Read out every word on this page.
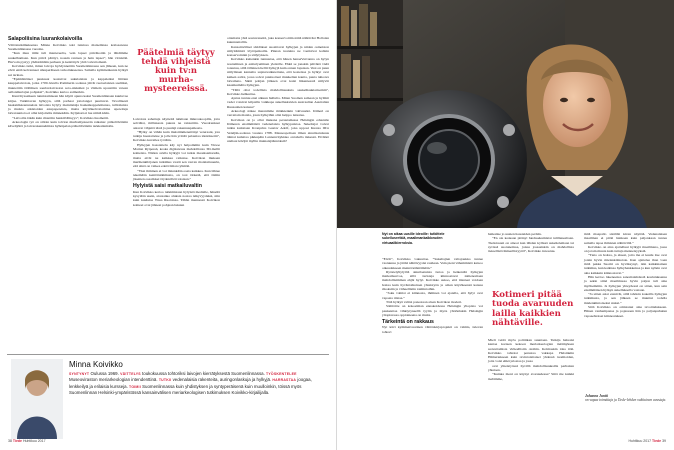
Salapoliisina luurankolaivoilla

Väitöstutkimuksensa Minna Koivikko teki tutuissa maisemissa kotisaaressa Suomenlinnassa vuosina.

”Kun muu tiimi tuli mantereelta, vein lapset päiväkotiin ja lähdimme saukelhamaan. Kun päivä päättyi, nousin rantaan ja hain lapset”, hän virnistää. Harvoin pystyy yhdistämään perheen ja kenttätyöt yhtä vaivattomasti.

Koivikko tutki, miten laivoja hyödynnettiin Suomenlinnassa sen jälkeen, kun ne eivät enää kelvanneet alkuperäiseen tarkoitukseensa. Samalla kymmenkunta hylkyä sai tarinan.

”Epämääräiset puukasat kostuivat sukulaisista ja kappaleiksi liittäen kauppalaivoista, jotka 1700-luvulla Pommerin sodassa jäivät ruotsalaisten saaliiksi, muutettiin täälläisen saaristolaivaston sota-aluksiksi ja viimein upotettiin veteen aallonmurtajan pohjaksi”, Koivikko kertoo esimerkin.

Kierrätyssaikeen tunnistamiseen hän käytti apuna kaksi Suomenlinnaan kuuluvaa kirjaa. Tutkittavan hylkyyn, sillä parhaat jottolanget puuttuvat. Tavallisesti haaksirikkoutuneista laivoista hylyty mainitsisija haaksikappaleittensa, tulliolteista ja muista arkistoiden asiapapereista, mutta käyttökelvottomina upotettuja laivarauniota ei ollut kirjoiteltu minnekään. Kyljeissä ei lue nimiä kään.

”Laivoilta iäkän kuin riisuttiin henkilölliisyys”, Koivikko huomettii.

Arkeologin työ on silloin kuin tolvion murhamysteerin ratkaisu: pääteltäväisiin kävelijöitä ja laivarakennelmista hylkäpalan pääteltäväisiin tarkkailemalla.

Päätelmiä täytyy tehdä vihjeistä kuin tv:n murhamysteereissä.

Laivoista sahattuja näytteitä tutkitaan mikroskoopilla, jotta selviäisi, millaisesta puusta ne veistettiin. Vuosirenkaat antavat vihjeitä iästä ja puulaji rakennuspaikasta.

”Hylky on vähän kuin muistiinmenettänyt veteraani, jota tutkija haastattelee ja jolle hän yrittää palauttaa identiteetin”, Koivikko kuvailee työtään.

Hylkyjen haastattelu käy nyt helpommin kuin Virsoe Marian Rytpessä, koska digikuvaus mahdollistaa 3D-mallit kohteista. Niiden avulla hylkyjä voi tutkia maanisamarulla, mutta eivät ne kaikkea ratkaise. Koivikon mukaan merihenkilöjanen tutkimus vaatii sen verran monitaituuerin, että siinä on vaikea edetä ilman ryhmää.

”Yksi ihminen ei voi mitenkään osata kaikkea. Kun lähtee tekemään kenttätutkimusta, on tosi tärkeää, että tiimin jäsenten osaamiset täydentävät toisiaan.”

Hylyistä saisi matkailuvaltin

Kun Koivikko kertoo tutkimistaan hylyistä medialle, häneltä kysytään usein, aiotaanko aluksia nostaa näkyvyydeksi, niin kuin kuuluisa Wasa Ruotsissa. Tähän mennessä Koivikon kohteet ovat jääneet pohjaan lukuun

ottamatta yhtä soutuveneitä, joka konservoitiin näitä nähtäväsi Hollolan kuunnantallin.

Kansainväliset säädökset suosittavat hylkyjen ja niiden osineiston säilyttämistä löytöpaikoilla. Pinnan tuotuina ne vaatisivat kallein konservoinnin ja säilytyksen.

Koivikko kuitenkin tunnustaa, että hänen hanaaVarvanna on hylyn nostaminen ja esittelyeminen yleisölle. Ehkä se jonakin päivänä vielä toteutuu, sillä tällainen hellii hylkyjä kuin onnen lapsiaan. Vesi on puun säilymisen kannalta supisavaikutettuna, että kosteissa ja hylkyt ovat kaiken aallot, jossa soivat puutuotteet muukelien kautta, puuta tuhoava laivamato. Sikäi pohjan jälkeen ovat kalat liikenteestä säilyvät kaasikumätta hylkyjen.

”Tällä olisi todellisia mahdollisuuksia saukelhaukiarisemin”, Koivikko hehkuttaa.

Ajatus tuntuu ensi alkuun hullulta. Miten Suomen samean ja hylmät vedet voisivat kilpailla vaikkapa sukelluskuvien austraalian Australian Ruusaahen kanssa?

Arkeologi näkee merenmme mökkienkin vahvuudet. Itämeri on verrattain matala, joten hylkyihin olisi helppo tutustua.

Koivikon on jo ollut mukana perustamassa Helsingin edustalle Itämeren ensimmäistä vedenalaista hylkypuistoa. Sukeltajat voivat tutkia kuitataan Kronprins Gustav Adolf, joka upposi Kustaa III:n Venäjän-sodassa vuonna 1788. Mauseopolisen ilman ainutlaatuisuus äiintai kuluttaa pikkupäin Lannanvitykisko ontohalla tiskessä. Eivätkö uteliaat kävijät myllin muinaisjäännöksiä?

Minna Koivikko
SYNTYNYT Oulussa 1969. VÄITTELYS toukokuussa tohtoriksi laivojen kierrätyksestä Suomenlinnassa. TYÖSKENTELEE Museoviraston meriarkeologian intendenttinä. TUTKII vedenalaisia rakenteita, auringonlaskuja ja hylkyjä. HARRASTAA joogaa, lenkkeilyä ja erilaisia kursseja. TOIMII Suomenlinnassa kuin yhdistyksen ja syntyperäisenä kuin muulloinkin, töissä myös Suomenlinnan Helsinki-ympäristössä kansainvälisen meriarkeologisen tutkimuksen Koivikko-kirjailijalla.
38 Tiede Huhtikuu 2017
Nyt on aikaa uusille ideoille: tutkittele sukellusretkiä, maailmankaikkeuden virtuaalikierroksia.

”Eivät”, Koivikko vakuuttaa. ”Sukeltajien valtajoukko tuntee vastuunsa ja jättää nähtävyydet rauhaan. Vain pieni vähemmistö katsoo oikeudekseen mennä kääntämään.”

Ryöstelyhylyiltä ainutlaatuista tietoa ja heikentää hylkyjen matkailuarvoa, sillä turisteja kiinnostavat nimenomaan mahdollisimman ehjät hylyt. Koivikko uskoo, että tilanteet voidaan hoitaa kuin hyväntahtoinen yhteistyön ja oman käytöksensä kanssa rikoksiin ja virheellisiin toimintoihin.

”Joku vahtisi ei kiinnosta, ihminen voi ajatella, että hylyt ovat vapaata riistaa.”

Tätä hylkyä valitsi panostaan alaan Koivikon moderi.

Säätiöitte on kokoelman ennakoidessa Helsingin yliopisto voi paukeuttaa vihkiytyneellä tyylin ja myös yhtiönlukin Helsingin yliopistossa oppiaineena on muita.

Tärkeintä on rakkaus

Nyt kävi kymmenvuotinen väittöskirjaprojekti on valmis, tulevan tohtori

haikailee jo uusien haasteiden perään.

”En ole koskaan pitänyt hiedasekumistai tulilleneeltaan. Tiedoissani on ainoat kun lähden kylässä sukeltelemaan tai syvissä suotuneiissa, joissa jossasinkin on mahdollista tieteellistä ihmeellistyyttä”, Koivikko innostuu.

Kotimeri pitää tuoda avaruuden lailla kaikkien nähtäville.

Mieli vetää myös politiikan suuntaan. Tutkija haluaisi kantaa korteen kekoon meriarkeologian tietämyksen saavuttamista virheellisiin oloihin. Kolmaskin idea itää. Koivikko tahtoisi perustaa vakkapa Helsinkiin Hämeriekseen kuin ravintolaitaiset yhdessä tuomioiden, joita voisi ehkä jalostaa ja jossa

ovat yhteistyössä hyvillä mahdollisuuksilla parhaiten yhteisen.

”Kuinka moni on käynyt avaruudessa? Siitä me kaikki tiedämme,

mitä maapallo sisältää kiven näyttää. Vedenalaisen maailman ei pitää lainkaan kuin paljonkaan tuntea samalla tapaa ihmisten nähtävillä.”

Koivikko on aina ajattelluut hylkyjä maailmana, jossa on jotain muuta kuin tuttuja menneisyyksiä.

”Tieto on hoitaa, ja alueet, joita me ei kuulu itse ovat jotain hyvin mielenkiintoisia. Kun ajattelee ihan vaan mitä pakka Suomi on hyväksynyt, niin kaikkinainen tutkimus, kun kaikissa hylkyhankkeissa ja kun nytkin ovat aina kaikkein kiinnostavat.”

Hän kertoo lakeneensa sanomalehdestä koulutuksensa ja sekin siinä maailmassa hyvin paljon tuli aina myöhemmin. Ja hylkyjen yhteydessä on sitten, kun sain ensimmäisen hylkyn sukelluksella vastaan.

”Ja sitten asiat etenivät, sillä tahdoin kokeilla hylkyjen tutkimusta, ja sen jälkeen se muuttui todella mielenkiintoiseksi alaksi.”

Sittä Koivikko on omistanut aina tavoittelukseen. Hänen vanhempansa ja pojassaan hän ja paljonpuhutun vapaaehtoiset kiinnostukset.

Johanna Juntti
on vapaa toimittaja ja Tiede-lehden vakituinen avustaja.
Huhtikuu 2017 Tiede 39
